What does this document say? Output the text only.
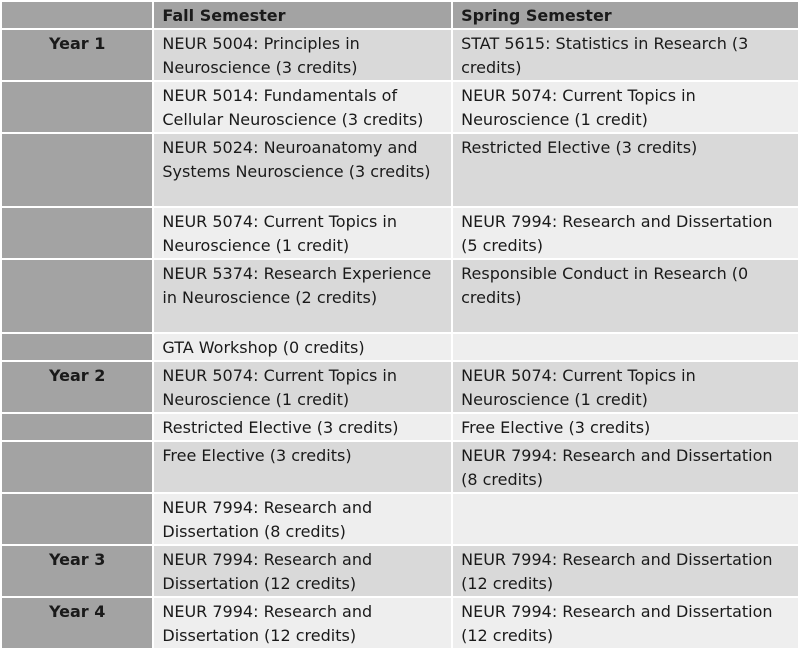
	Fall Semester	Spring Semester
Year 1	NEUR 5004: Principles in Neuroscience (3 credits)	STAT 5615: Statistics in Research (3 credits)
	NEUR 5014: Fundamentals of Cellular Neuroscience (3 credits)	NEUR 5074: Current Topics in Neuroscience (1 credit)
	NEUR 5024: Neuroanatomy and Systems Neuroscience (3 credits)	Restricted Elective (3 credits)
	NEUR 5074: Current Topics in Neuroscience (1 credit)	NEUR 7994: Research and Dissertation (5 credits)
	NEUR 5374: Research Experience in Neuroscience (2 credits)	Responsible Conduct in Research (0 credits)
	GTA Workshop (0 credits)	
Year 2	NEUR 5074: Current Topics in Neuroscience (1 credit)	NEUR 5074: Current Topics in Neuroscience (1 credit)
	Restricted Elective (3 credits)	Free Elective (3 credits)
	Free Elective (3 credits)	NEUR 7994: Research and Dissertation (8 credits)
	NEUR 7994: Research and Dissertation (8 credits)	
Year 3	NEUR 7994: Research and Dissertation (12 credits)	NEUR 7994: Research and Dissertation (12 credits)
Year 4	NEUR 7994: Research and Dissertation (12 credits)	NEUR 7994: Research and Dissertation (12 credits)
